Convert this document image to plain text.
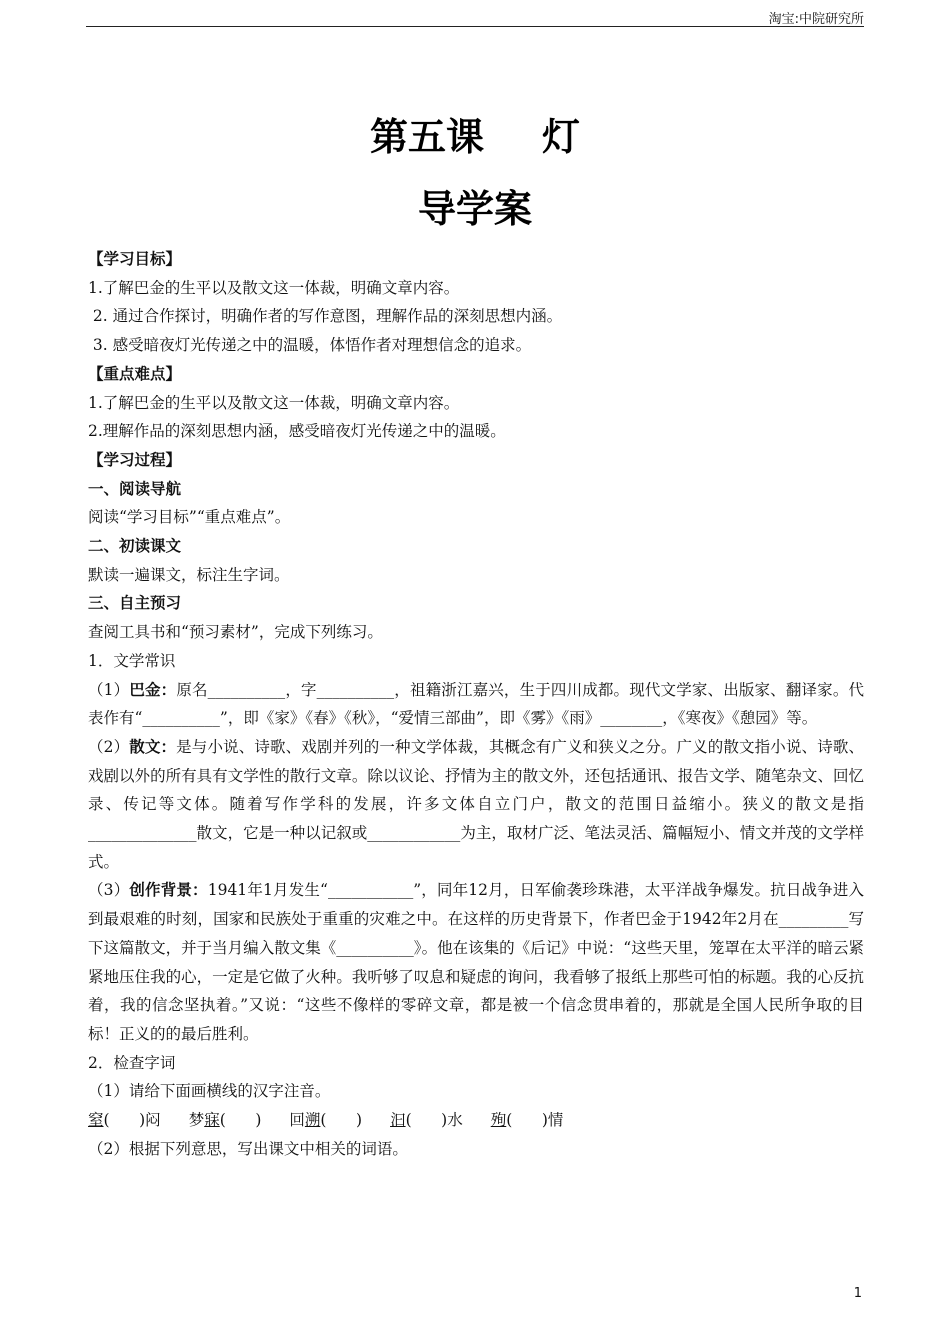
淘宝:中院研究所
第五课 灯
导学案

【学习目标】

1.了解巴金的生平以及散文这一体裁，明确文章内容。

2. 通过合作探讨，明确作者的写作意图，理解作品的深刻思想内涵。

3. 感受暗夜灯光传递之中的温暖，体悟作者对理想信念的追求。

【重点难点】

1.了解巴金的生平以及散文这一体裁，明确文章内容。

2.理解作品的深刻思想内涵，感受暗夜灯光传递之中的温暖。

【学习过程】

一、阅读导航

阅读“学习目标”“重点难点”。

二、初读课文

默读一遍课文，标注生字词。

三、自主预习

查阅工具书和“预习素材”，完成下列练习。

1．文学常识

（1）巴金：原名__________，字__________，祖籍浙江嘉兴，生于四川成都。现代文学家、出版家、翻译家。代表作有“__________”，即《家》《春》《秋》，“爱情三部曲”，即《雾》《雨》________，《寒夜》《憩园》等。

（2）散文：是与小说、诗歌、戏剧并列的一种文学体裁，其概念有广义和狭义之分。广义的散文指小说、诗歌、戏剧以外的所有具有文学性的散行文章。除以议论、抒情为主的散文外，还包括通讯、报告文学、随笔杂文、回忆录、传记等文体。随着写作学科的发展，许多文体自立门户，散文的范围日益缩小。狭义的散文是指______________散文，它是一种以记叙或____________为主，取材广泛、笔法灵活、篇幅短小、情文并茂的文学样式。

（3）创作背景：1941年1月发生“___________”，同年12月，日军偷袭珍珠港，太平洋战争爆发。抗日战争进入到最艰难的时刻，国家和民族处于重重的灾难之中。在这样的历史背景下，作者巴金于1942年2月在_________写下这篇散文，并于当月编入散文集《__________》。他在该集的《后记》中说：“这些天里，笼罩在太平洋的暗云紧紧地压住我的心，一定是它做了火种。我听够了叹息和疑虑的询问，我看够了报纸上那些可怕的标题。我的心反抗着，我的信念坚执着。”又说：“这些不像样的零碎文章，都是被一个信念贯串着的，那就是全国人民所争取的目标！正义的的最后胜利。

2．检查字词

（1）请给下面画横线的汉字注音。

窒(      )闷 梦寐(      ) 回溯(      ) 汩(      )水 殉(      )情

（2）根据下列意思，写出课文中相关的词语。

1
